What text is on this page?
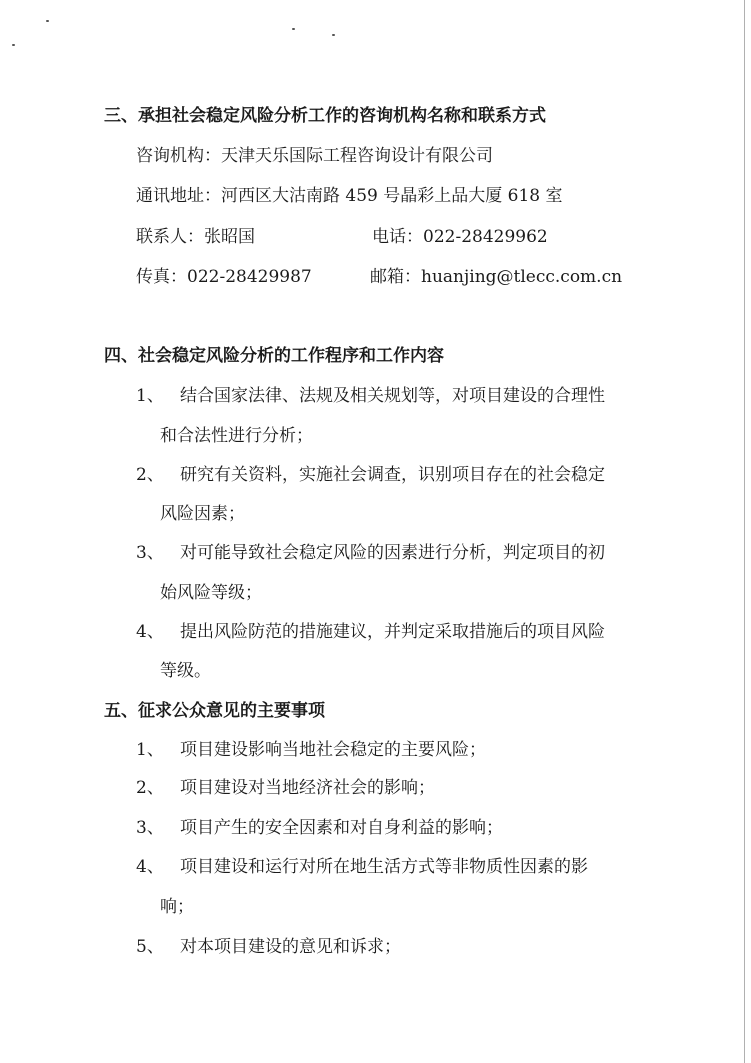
三、承担社会稳定风险分析工作的咨询机构名称和联系方式
咨询机构：天津天乐国际工程咨询设计有限公司
通讯地址：河西区大沽南路 459 号晶彩上品大厦 618 室
联系人：张昭国	电话：022-28429962
传真：022-28429987	邮箱：huanjing@tlecc.com.cn
四、社会稳定风险分析的工作程序和工作内容
1、 结合国家法律、法规及相关规划等，对项目建设的合理性
和合法性进行分析；
2、 研究有关资料，实施社会调查，识别项目存在的社会稳定
风险因素；
3、 对可能导致社会稳定风险的因素进行分析，判定项目的初
始风险等级；
4、 提出风险防范的措施建议，并判定采取措施后的项目风险
等级。
五、征求公众意见的主要事项
1、 项目建设影响当地社会稳定的主要风险；
2、 项目建设对当地经济社会的影响；
3、 项目产生的安全因素和对自身利益的影响；
4、 项目建设和运行对所在地生活方式等非物质性因素的影
响；
5、 对本项目建设的意见和诉求；
